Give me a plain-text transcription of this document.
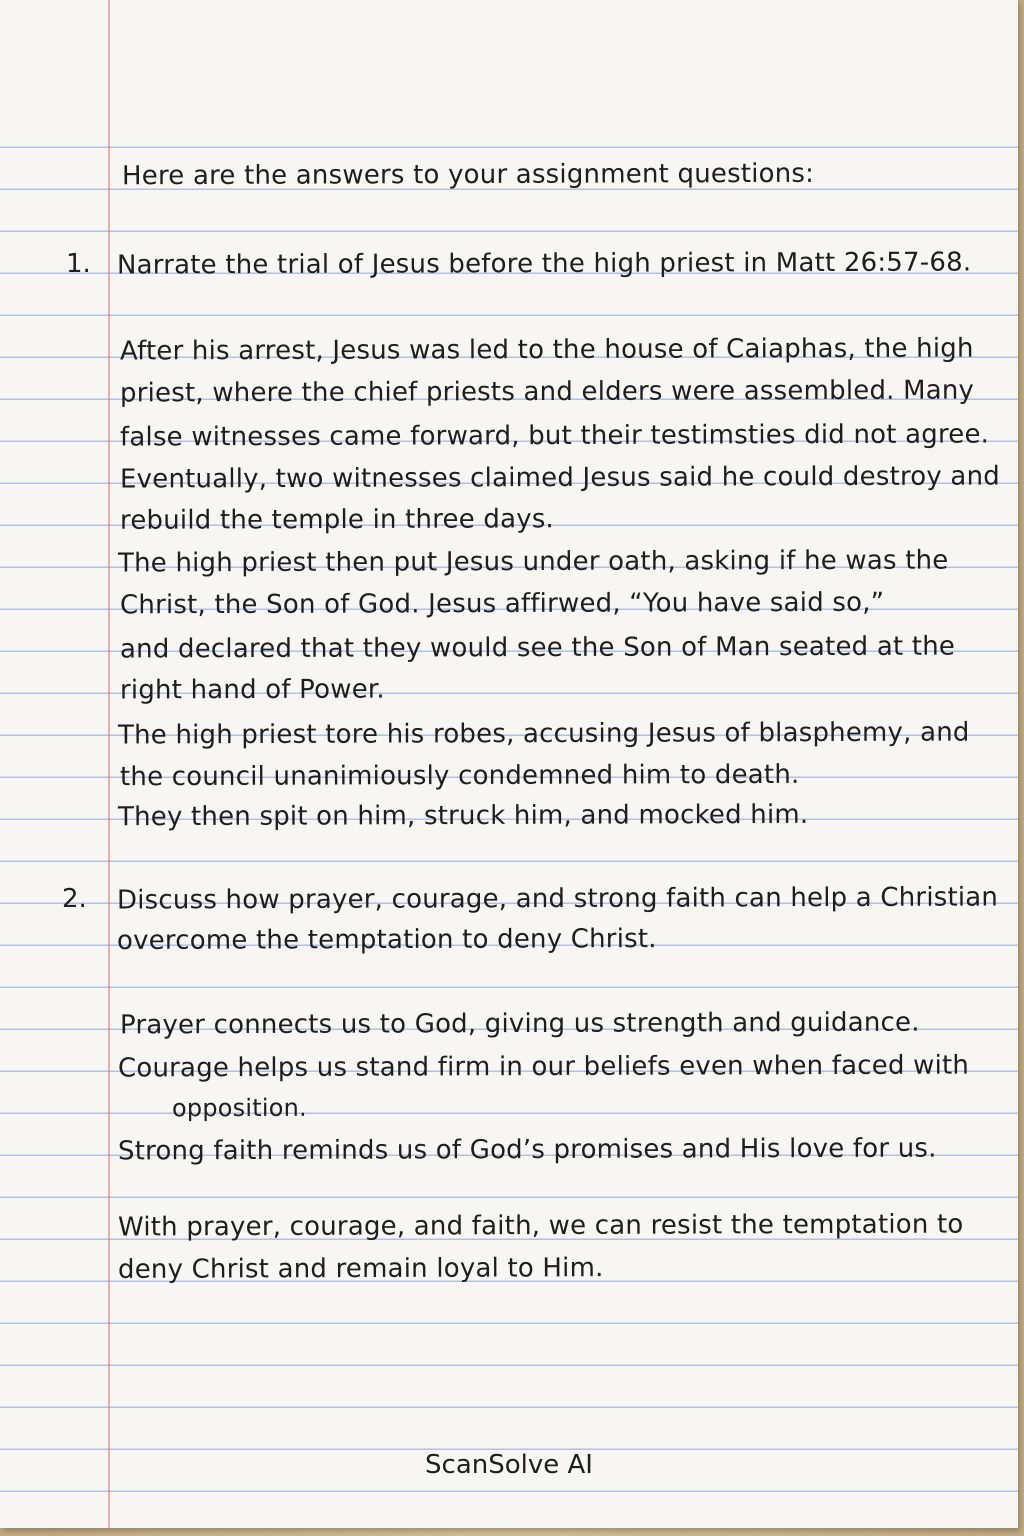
Here are the answers to your assignment questions:
1. Narrate the trial of Jesus before the high priest in Matt 26:57-68.
After his arrest, Jesus was led to the house of Caiaphas, the high
priest, where the chief priests and elders were assembled. Many
false witnesses came forward, but their testimsties did not agree.
Eventually, two witnesses claimed Jesus said he could destroy and
rebuild the temple in three days.
The high priest then put Jesus under oath, asking if he was the
Christ, the Son of God. Jesus affirwed, “You have said so,”
and declared that they would see the Son of Man seated at the
right hand of Power.
The high priest tore his robes, accusing Jesus of blasphemy, and
the council unanimiously condemned him to death.
They then spit on him, struck him, and mocked him.
2. Discuss how prayer, courage, and strong faith can help a Christian
overcome the temptation to deny Christ.
Prayer connects us to God, giving us strength and guidance.
Courage helps us stand firm in our beliefs even when faced with
opposition.
Strong faith reminds us of God’s promises and His love for us.
With prayer, courage, and faith, we can resist the temptation to
deny Christ and remain loyal to Him.
ScanSolve AI
